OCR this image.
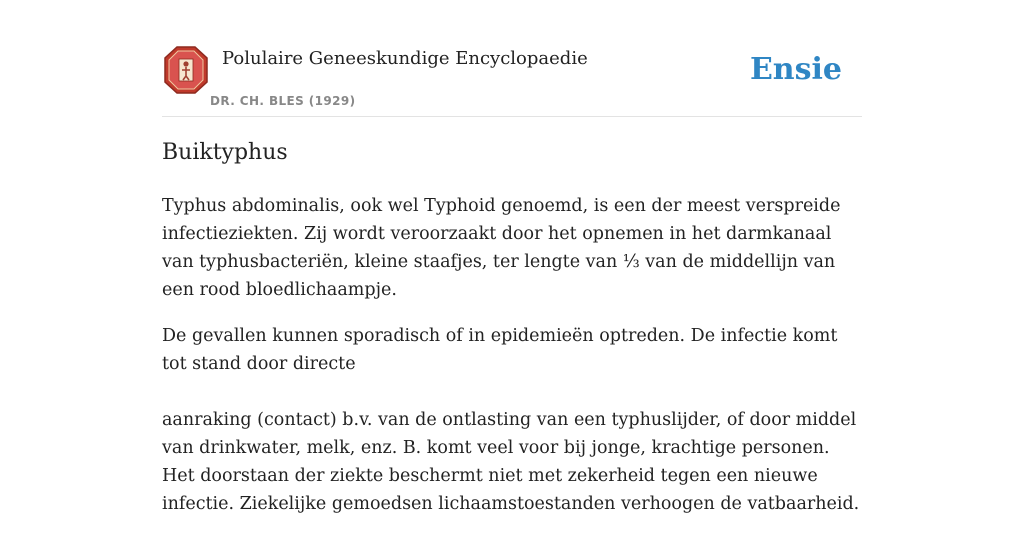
Polulaire Geneeskundige Encyclopaedie
DR. CH. BLES (1929)
Ensie
Buiktyphus

Typhus abdominalis, ook wel Typhoid genoemd, is een der meest verspreide infectieziekten. Zij wordt veroorzaakt door het opnemen in het darmkanaal van typhusbacteriën, kleine staafjes, ter lengte van ⅓ van de middellijn van een rood bloedlichaampje.

De gevallen kunnen sporadisch of in epidemieën optreden. De infectie komt tot stand door directe

aanraking (contact) b.v. van de ontlasting van een typhuslijder, of door middel van drinkwater, melk, enz. B. komt veel voor bij jonge, krachtige personen. Het doorstaan der ziekte beschermt niet met zekerheid tegen een nieuwe infectie. Ziekelijke gemoedsen lichaamstoestanden verhoogen de vatbaarheid.
